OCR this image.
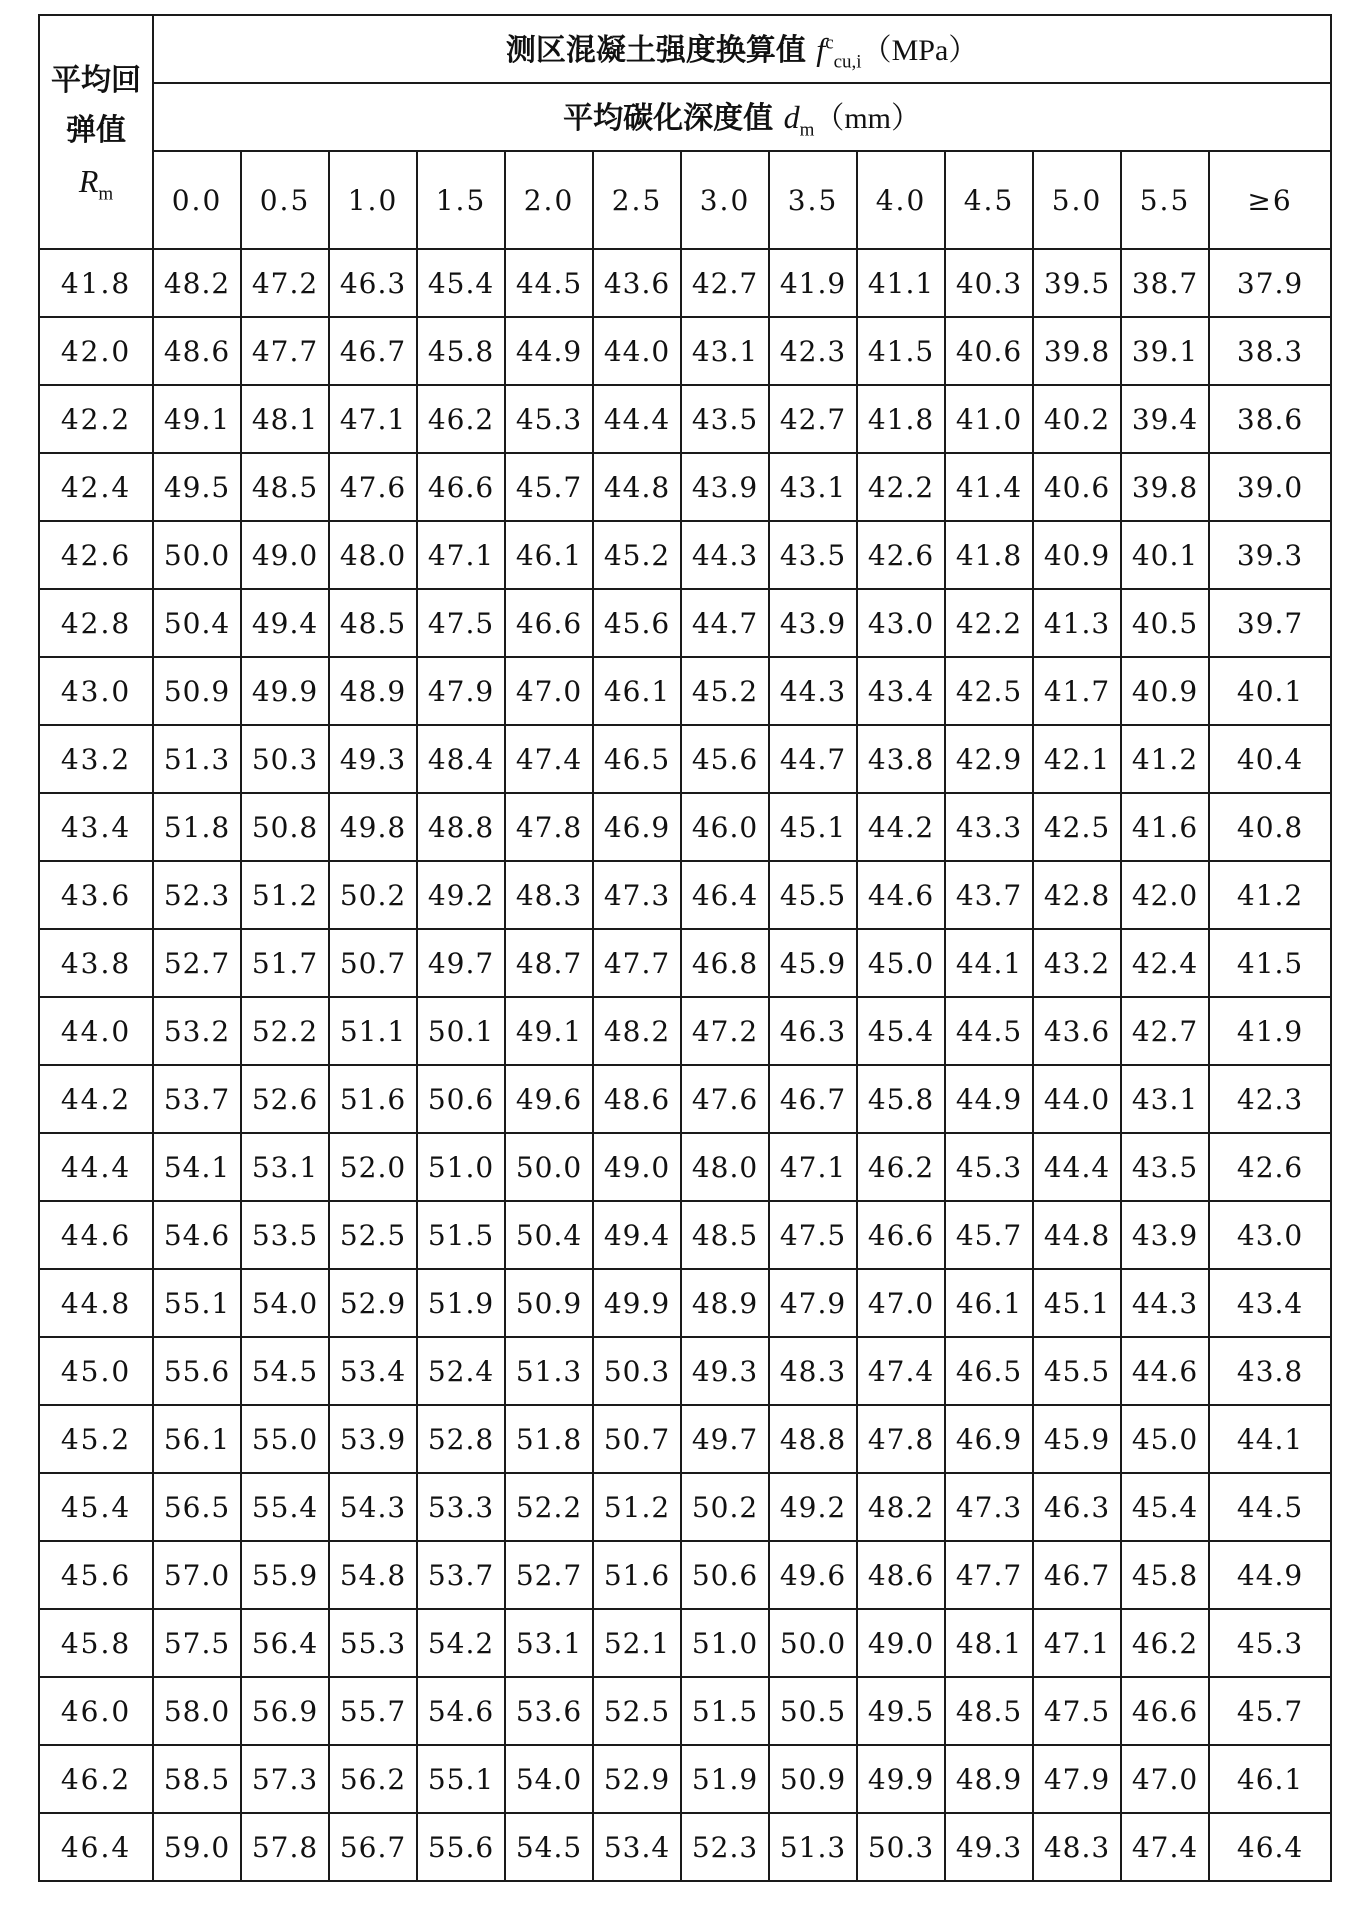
平均回
弹值
$R_m$	测区混凝土强度换算值 $f^c_{cu,i}(MPa)$												
	平均碳化深度值 $d_m(mm)$												
	0.0	0.5	1.0	1.5	2.0	2.5	3.0	3.5	4.0	4.5	5.0	5.5	≥6
41.8	48.2	47.2	46.3	45.4	44.5	43.6	42.7	41.9	41.1	40.3	39.5	38.7	37.9
42.0	48.6	47.7	46.7	45.8	44.9	44.0	43.1	42.3	41.5	40.6	39.8	39.1	38.3
42.2	49.1	48.1	47.1	46.2	45.3	44.4	43.5	42.7	41.8	41.0	40.2	39.4	38.6
42.4	49.5	48.5	47.6	46.6	45.7	44.8	43.9	43.1	42.2	41.4	40.6	39.8	39.0
42.6	50.0	49.0	48.0	47.1	46.1	45.2	44.3	43.5	42.6	41.8	40.9	40.1	39.3
42.8	50.4	49.4	48.5	47.5	46.6	45.6	44.7	43.9	43.0	42.2	41.3	40.5	39.7
43.0	50.9	49.9	48.9	47.9	47.0	46.1	45.2	44.3	43.4	42.5	41.7	40.9	40.1
43.2	51.3	50.3	49.3	48.4	47.4	46.5	45.6	44.7	43.8	42.9	42.1	41.2	40.4
43.4	51.8	50.8	49.8	48.8	47.8	46.9	46.0	45.1	44.2	43.3	42.5	41.6	40.8
43.6	52.3	51.2	50.2	49.2	48.3	47.3	46.4	45.5	44.6	43.7	42.8	42.0	41.2
43.8	52.7	51.7	50.7	49.7	48.7	47.7	46.8	45.9	45.0	44.1	43.2	42.4	41.5
44.0	53.2	52.2	51.1	50.1	49.1	48.2	47.2	46.3	45.4	44.5	43.6	42.7	41.9
44.2	53.7	52.6	51.6	50.6	49.6	48.6	47.6	46.7	45.8	44.9	44.0	43.1	42.3
44.4	54.1	53.1	52.0	51.0	50.0	49.0	48.0	47.1	46.2	45.3	44.4	43.5	42.6
44.6	54.6	53.5	52.5	51.5	50.4	49.4	48.5	47.5	46.6	45.7	44.8	43.9	43.0
44.8	55.1	54.0	52.9	51.9	50.9	49.9	48.9	47.9	47.0	46.1	45.1	44.3	43.4
45.0	55.6	54.5	53.4	52.4	51.3	50.3	49.3	48.3	47.4	46.5	45.5	44.6	43.8
45.2	56.1	55.0	53.9	52.8	51.8	50.7	49.7	48.8	47.8	46.9	45.9	45.0	44.1
45.4	56.5	55.4	54.3	53.3	52.2	51.2	50.2	49.2	48.2	47.3	46.3	45.4	44.5
45.6	57.0	55.9	54.8	53.7	52.7	51.6	50.6	49.6	48.6	47.7	46.7	45.8	44.9
45.8	57.5	56.4	55.3	54.2	53.1	52.1	51.0	50.0	49.0	48.1	47.1	46.2	45.3
46.0	58.0	56.9	55.7	54.6	53.6	52.5	51.5	50.5	49.5	48.5	47.5	46.6	45.7
46.2	58.5	57.3	56.2	55.1	54.0	52.9	51.9	50.9	49.9	48.9	47.9	47.0	46.1
46.4	59.0	57.8	56.7	55.6	54.5	53.4	52.3	51.3	50.3	49.3	48.3	47.4	46.4
